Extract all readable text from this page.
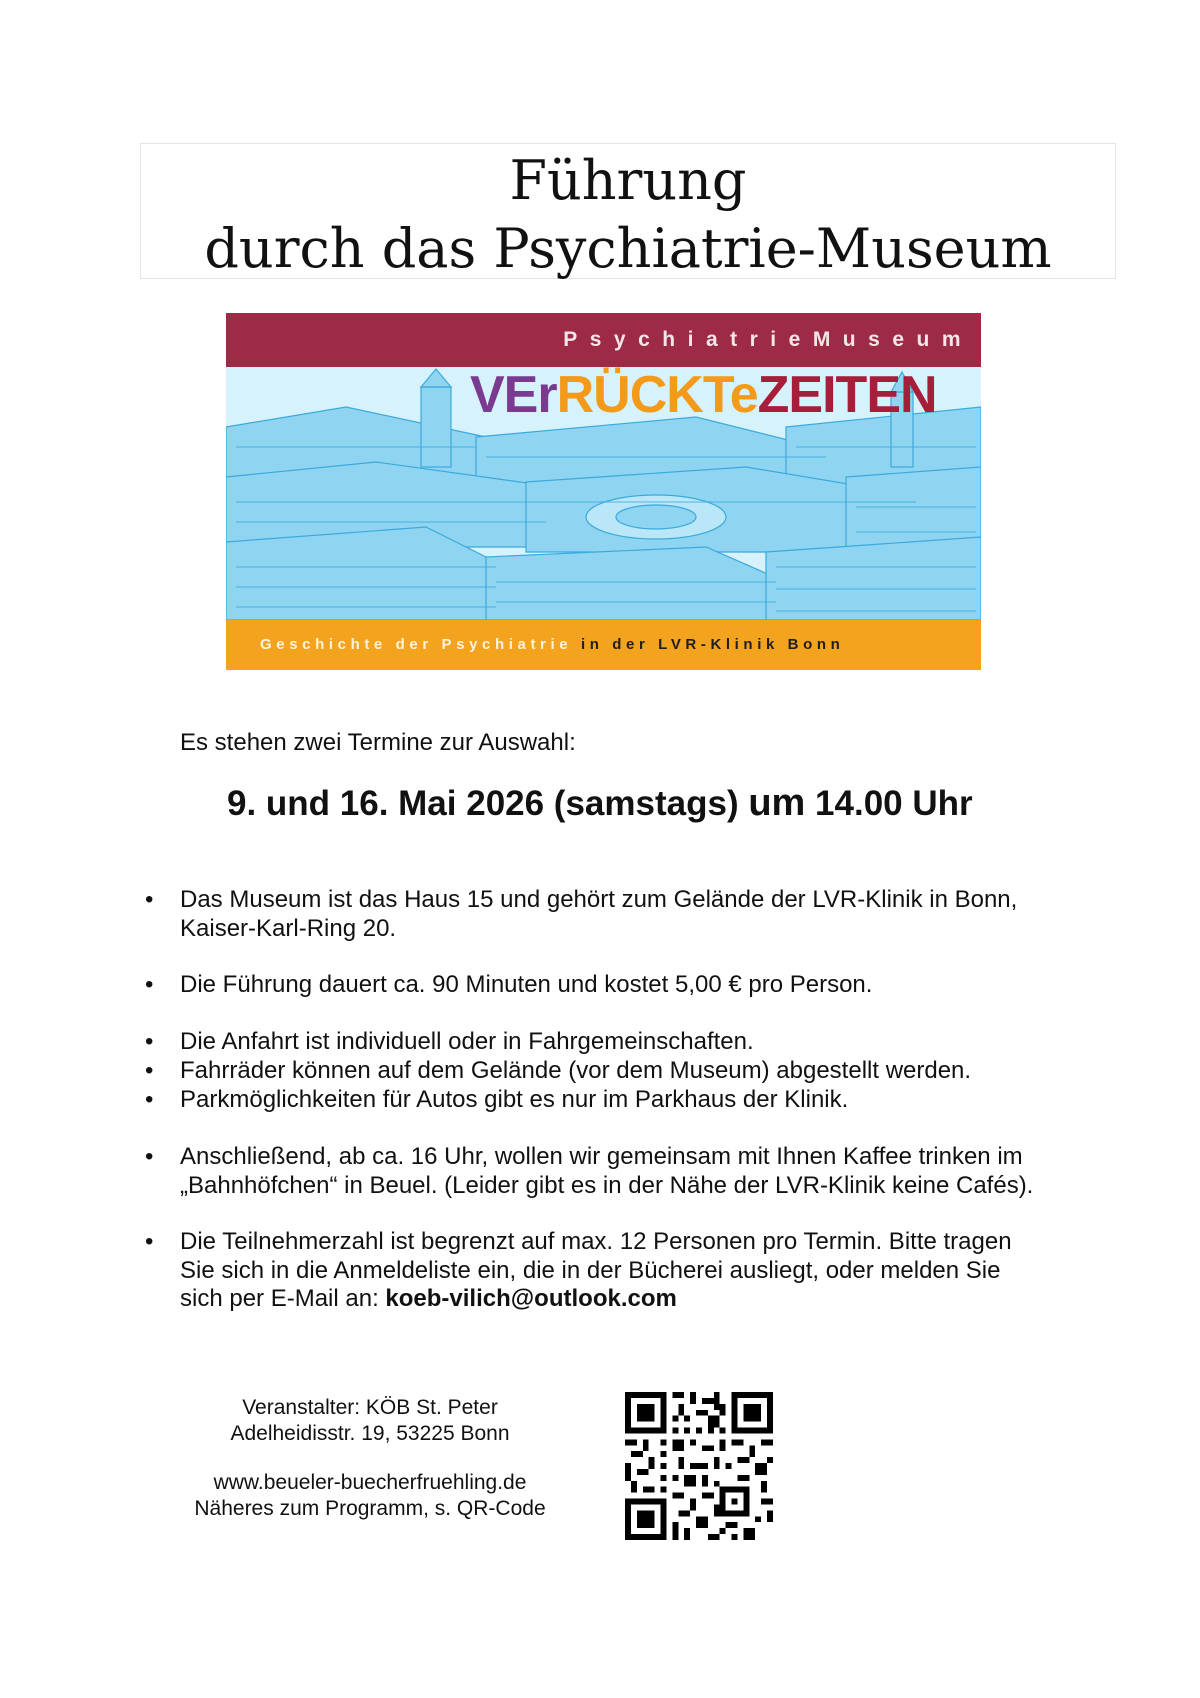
Führung
durch das Psychiatrie-Museum
PsychiatrieMuseum
VErRÜCKTeZEITEN
Geschichte der Psychiatrie in der LVR-Klinik Bonn
Es stehen zwei Termine zur Auswahl:
9. und 16. Mai 2026 (samstags) um 14.00 Uhr
• Das Museum ist das Haus 15 und gehört zum Gelände der LVR-Klinik in Bonn,
Kaiser-Karl-Ring 20.
• Die Führung dauert ca. 90 Minuten und kostet 5,00 € pro Person.
• Die Anfahrt ist individuell oder in Fahrgemeinschaften.
• Fahrräder können auf dem Gelände (vor dem Museum) abgestellt werden.
• Parkmöglichkeiten für Autos gibt es nur im Parkhaus der Klinik.
• Anschließend, ab ca. 16 Uhr, wollen wir gemeinsam mit Ihnen Kaffee trinken im
„Bahnhöfchen“ in Beuel. (Leider gibt es in der Nähe der LVR-Klinik keine Cafés).
• Die Teilnehmerzahl ist begrenzt auf max. 12 Personen pro Termin. Bitte tragen
Sie sich in die Anmeldeliste ein, die in der Bücherei ausliegt, oder melden Sie
sich per E-Mail an: koeb-vilich@outlook.com
Veranstalter: KÖB St. Peter
Adelheidisstr. 19, 53225 Bonn
www.beueler-buecherfruehling.de
Näheres zum Programm, s. QR-Code
